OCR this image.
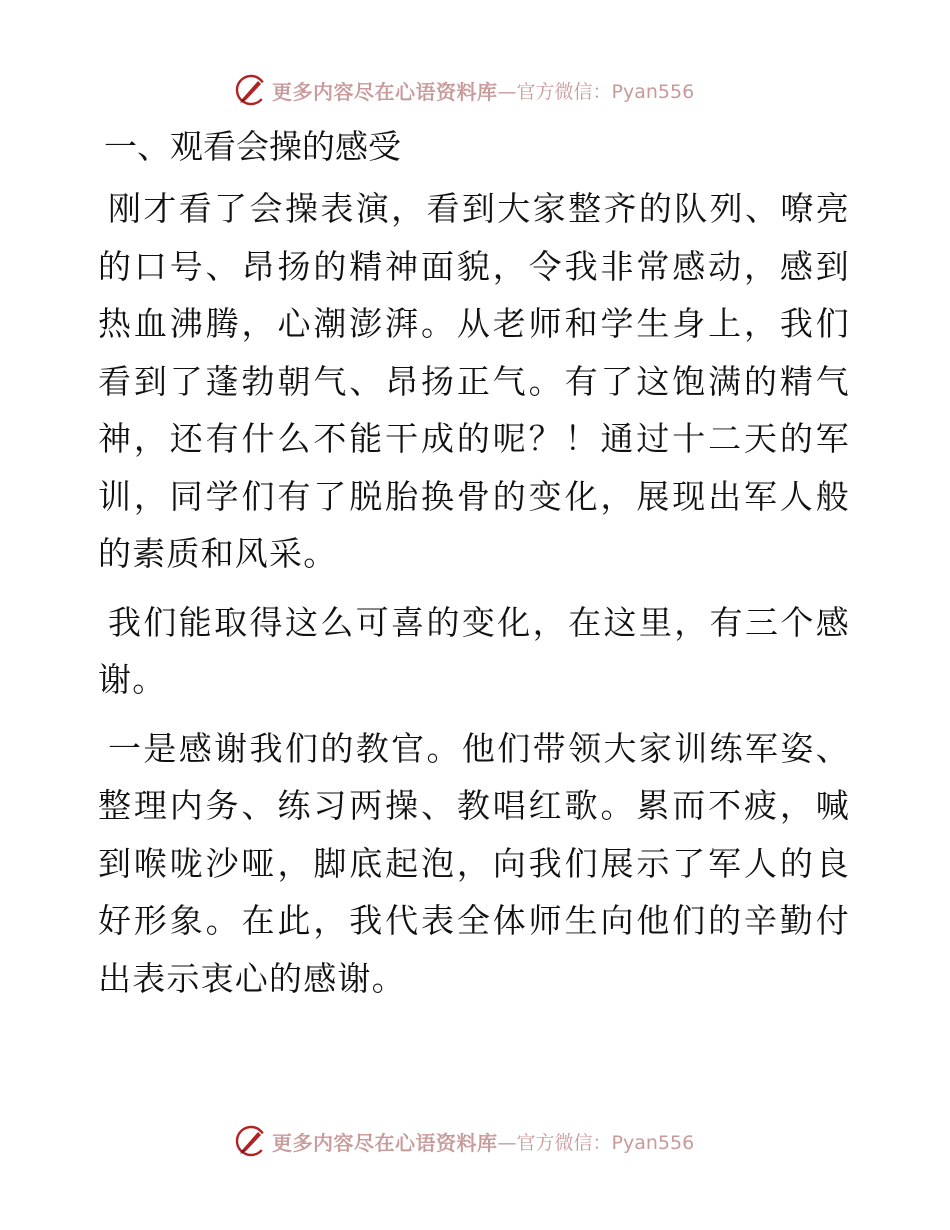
更多内容尽在心语资料库 —官方微信：Pyan556
一、观看会操的感受

刚才看了会操表演，看到大家整齐的队列、嘹亮的口号、昂扬的精神面貌，令我非常感动，感到热血沸腾，心潮澎湃。从老师和学生身上，我们看到了蓬勃朝气、昂扬正气。有了这饱满的精气神，还有什么不能干成的呢？！通过十二天的军训，同学们有了脱胎换骨的变化，展现出军人般的素质和风采。

我们能取得这么可喜的变化，在这里，有三个感谢。

一是感谢我们的教官。他们带领大家训练军姿、整理内务、练习两操、教唱红歌。累而不疲，喊到喉咙沙哑，脚底起泡，向我们展示了军人的良好形象。在此，我代表全体师生向他们的辛勤付出表示衷心的感谢。

更多内容尽在心语资料库 —官方微信：Pyan556
